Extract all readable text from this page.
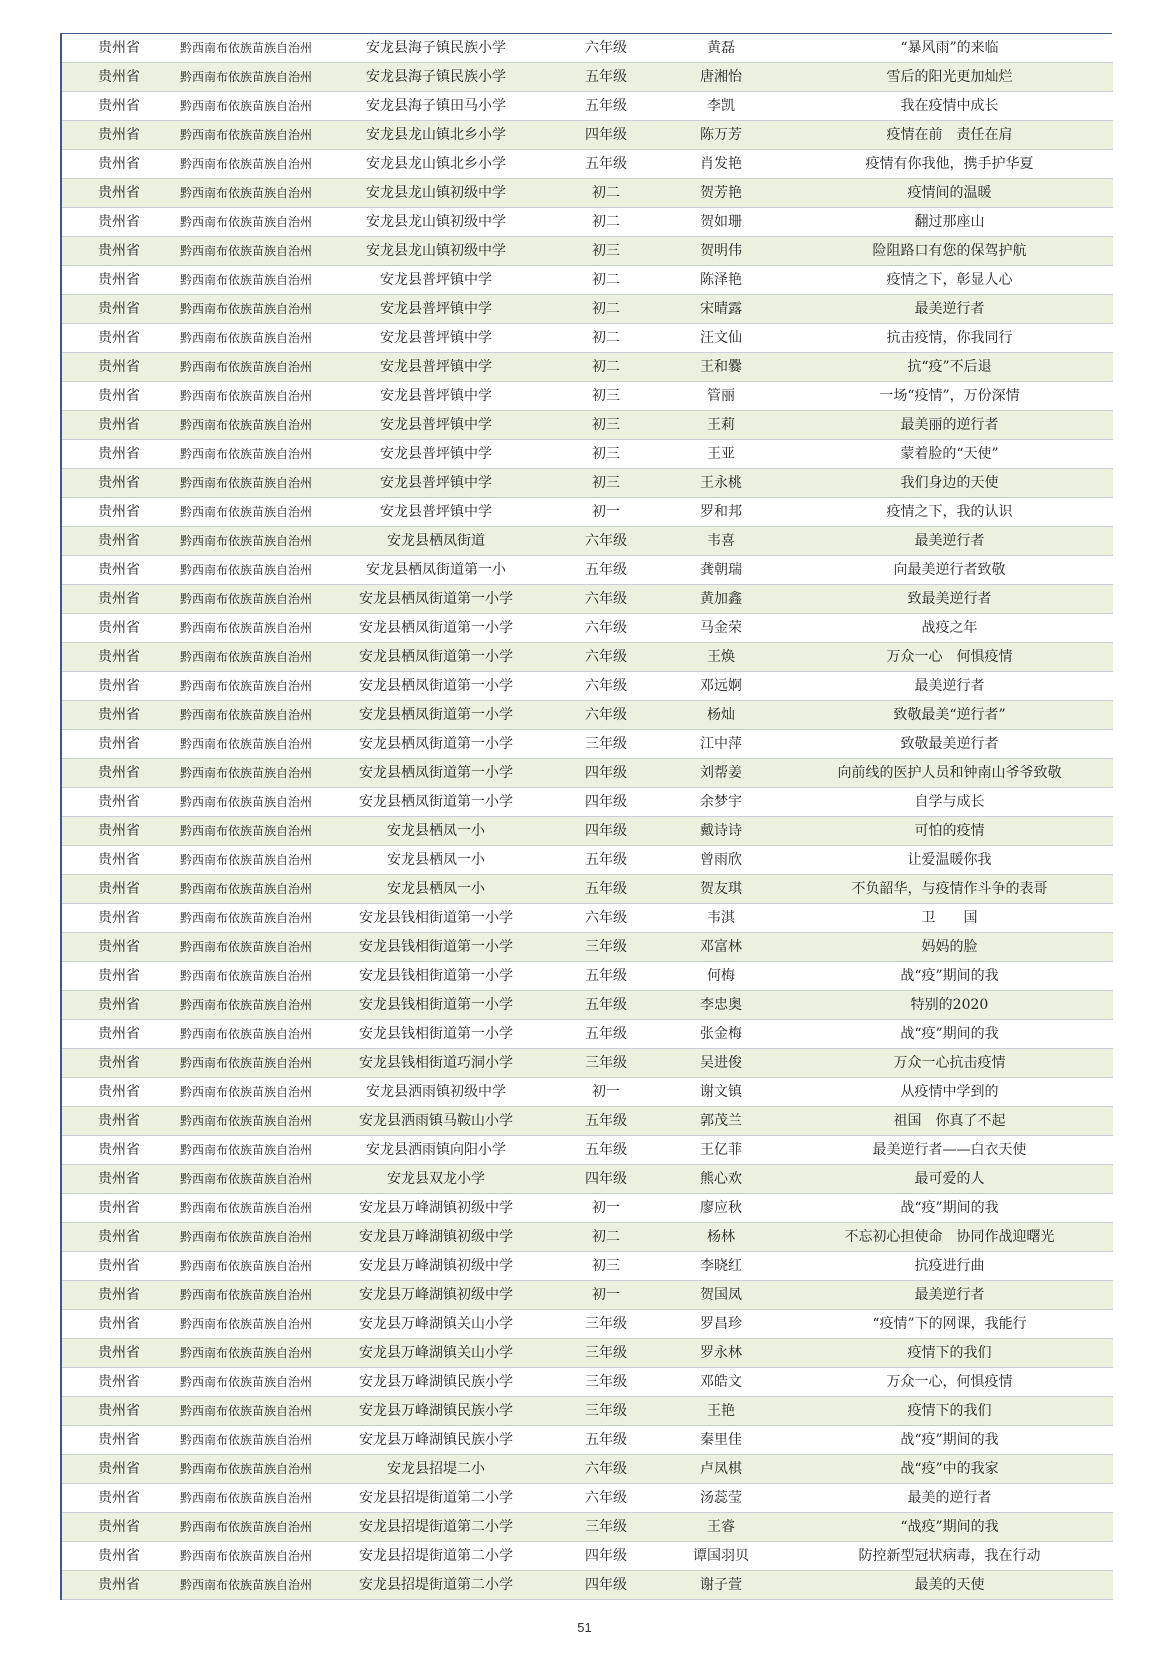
贵州省	黔西南布依族苗族自治州	安龙县海子镇民族小学	六年级	黄磊	“暴风雨”的来临
贵州省	黔西南布依族苗族自治州	安龙县海子镇民族小学	五年级	唐湘怡	雪后的阳光更加灿烂
贵州省	黔西南布依族苗族自治州	安龙县海子镇田马小学	五年级	李凯	我在疫情中成长
贵州省	黔西南布依族苗族自治州	安龙县龙山镇北乡小学	四年级	陈万芳	疫情在前　责任在肩
贵州省	黔西南布依族苗族自治州	安龙县龙山镇北乡小学	五年级	肖发艳	疫情有你我他，携手护华夏
贵州省	黔西南布依族苗族自治州	安龙县龙山镇初级中学	初二	贺芳艳	疫情间的温暖
贵州省	黔西南布依族苗族自治州	安龙县龙山镇初级中学	初二	贺如珊	翻过那座山
贵州省	黔西南布依族苗族自治州	安龙县龙山镇初级中学	初三	贺明伟	险阻路口有您的保驾护航
贵州省	黔西南布依族苗族自治州	安龙县普坪镇中学	初二	陈泽艳	疫情之下，彰显人心
贵州省	黔西南布依族苗族自治州	安龙县普坪镇中学	初二	宋晴露	最美逆行者
贵州省	黔西南布依族苗族自治州	安龙县普坪镇中学	初二	汪文仙	抗击疫情，你我同行
贵州省	黔西南布依族苗族自治州	安龙县普坪镇中学	初二	王和爨	抗“疫”不后退
贵州省	黔西南布依族苗族自治州	安龙县普坪镇中学	初三	管丽	一场“疫情”，万份深情
贵州省	黔西南布依族苗族自治州	安龙县普坪镇中学	初三	王莉	最美丽的逆行者
贵州省	黔西南布依族苗族自治州	安龙县普坪镇中学	初三	王亚	蒙着脸的“天使”
贵州省	黔西南布依族苗族自治州	安龙县普坪镇中学	初三	王永桃	我们身边的天使
贵州省	黔西南布依族苗族自治州	安龙县普坪镇中学	初一	罗和邦	疫情之下，我的认识
贵州省	黔西南布依族苗族自治州	安龙县栖凤街道	六年级	韦喜	最美逆行者
贵州省	黔西南布依族苗族自治州	安龙县栖凤街道第一小	五年级	龚朝瑞	向最美逆行者致敬
贵州省	黔西南布依族苗族自治州	安龙县栖凤街道第一小学	六年级	黄加鑫	致最美逆行者
贵州省	黔西南布依族苗族自治州	安龙县栖凤街道第一小学	六年级	马金荣	战疫之年
贵州省	黔西南布依族苗族自治州	安龙县栖凤街道第一小学	六年级	王焕	万众一心　何惧疫情
贵州省	黔西南布依族苗族自治州	安龙县栖凤街道第一小学	六年级	邓远婀	最美逆行者
贵州省	黔西南布依族苗族自治州	安龙县栖凤街道第一小学	六年级	杨灿	致敬最美“逆行者”
贵州省	黔西南布依族苗族自治州	安龙县栖凤街道第一小学	三年级	江中萍	致敬最美逆行者
贵州省	黔西南布依族苗族自治州	安龙县栖凤街道第一小学	四年级	刘帮姜	向前线的医护人员和钟南山爷爷致敬
贵州省	黔西南布依族苗族自治州	安龙县栖凤街道第一小学	四年级	余梦宇	自学与成长
贵州省	黔西南布依族苗族自治州	安龙县栖凤一小	四年级	戴诗诗	可怕的疫情
贵州省	黔西南布依族苗族自治州	安龙县栖凤一小	五年级	曾雨欣	让爱温暖你我
贵州省	黔西南布依族苗族自治州	安龙县栖凤一小	五年级	贺友琪	不负韶华，与疫情作斗争的表哥
贵州省	黔西南布依族苗族自治州	安龙县钱相街道第一小学	六年级	韦淇	卫　　国
贵州省	黔西南布依族苗族自治州	安龙县钱相街道第一小学	三年级	邓富林	妈妈的脸
贵州省	黔西南布依族苗族自治州	安龙县钱相街道第一小学	五年级	何梅	战“疫”期间的我
贵州省	黔西南布依族苗族自治州	安龙县钱相街道第一小学	五年级	李忠奥	特别的2020
贵州省	黔西南布依族苗族自治州	安龙县钱相街道第一小学	五年级	张金梅	战“疫”期间的我
贵州省	黔西南布依族苗族自治州	安龙县钱相街道巧洞小学	三年级	吴进俊	万众一心抗击疫情
贵州省	黔西南布依族苗族自治州	安龙县洒雨镇初级中学	初一	谢文镇	从疫情中学到的
贵州省	黔西南布依族苗族自治州	安龙县洒雨镇马鞍山小学	五年级	郭茂兰	祖国　你真了不起
贵州省	黔西南布依族苗族自治州	安龙县洒雨镇向阳小学	五年级	王亿菲	最美逆行者——白衣天使
贵州省	黔西南布依族苗族自治州	安龙县双龙小学	四年级	熊心欢	最可爱的人
贵州省	黔西南布依族苗族自治州	安龙县万峰湖镇初级中学	初一	廖应秋	战“疫”期间的我
贵州省	黔西南布依族苗族自治州	安龙县万峰湖镇初级中学	初二	杨林	不忘初心担使命　协同作战迎曙光
贵州省	黔西南布依族苗族自治州	安龙县万峰湖镇初级中学	初三	李晓红	抗疫进行曲
贵州省	黔西南布依族苗族自治州	安龙县万峰湖镇初级中学	初一	贺国凤	最美逆行者
贵州省	黔西南布依族苗族自治州	安龙县万峰湖镇关山小学	三年级	罗昌珍	“疫情”下的网课，我能行
贵州省	黔西南布依族苗族自治州	安龙县万峰湖镇关山小学	三年级	罗永林	疫情下的我们
贵州省	黔西南布依族苗族自治州	安龙县万峰湖镇民族小学	三年级	邓皓文	万众一心，何惧疫情
贵州省	黔西南布依族苗族自治州	安龙县万峰湖镇民族小学	三年级	王艳	疫情下的我们
贵州省	黔西南布依族苗族自治州	安龙县万峰湖镇民族小学	五年级	秦里佳	战“疫”期间的我
贵州省	黔西南布依族苗族自治州	安龙县招堤二小	六年级	卢凤棋	战“疫”中的我家
贵州省	黔西南布依族苗族自治州	安龙县招堤街道第二小学	六年级	汤蕊莹	最美的逆行者
贵州省	黔西南布依族苗族自治州	安龙县招堤街道第二小学	三年级	王睿	“战疫”期间的我
贵州省	黔西南布依族苗族自治州	安龙县招堤街道第二小学	四年级	谭国羽贝	防控新型冠状病毒，我在行动
贵州省	黔西南布依族苗族自治州	安龙县招堤街道第二小学	四年级	谢子萱	最美的天使
51
